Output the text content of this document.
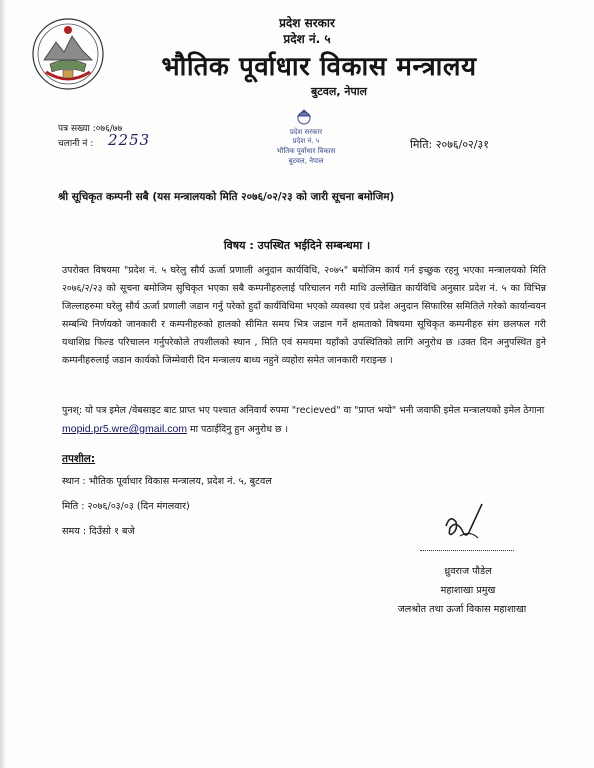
प्रदेश सरकार
प्रदेश नं. ५
भौतिक पूर्वाधार विकास मन्त्रालय
बुटवल, नेपाल
प्रदेश सरकार
प्रदेश नं. ५
भौतिक पूर्वाधार विकास
बुटवल, नेपाल
पत्र सख्या :०७६/७७
चलानी नं : 2253	मिति: २०७६/०२/३१
श्री सूचिकृत कम्पनी सबै (यस मन्त्रालयको मिति २०७६/०२/२३ को जारी सूचना बमोजिम)
विषय : उपस्थित भईदिने सम्बन्धमा ।
उपरोक्त विषयमा "प्रदेश नं. ५ घरेलु सौर्य ऊर्जा प्रणाली अनुदान कार्यविधि, २०७५" बमोजिम कार्य गर्न इच्छुक रहनु भएका मन्त्रालयको मिति २०७६/२/२३ को सूचना बमोजिम सुचिकृत भएका सबै कम्पनीहरुलाई परिचालन गरी माथि उल्लेखित कार्यविधि अनुसार प्रदेश नं. ५ का विभिन्न जिल्लाहरुमा घरेलु सौर्य ऊर्जा प्रणाली जडान गर्नु परेको हुदाँ कार्यविधिमा भएको व्यवस्था एवं प्रदेश अनुदान सिफारिस समितिले गरेको कार्यान्वयन सम्बन्धि निर्णयको जानकारी र कम्पनीहरुको हालको सीमित समय भित्र जडान गर्ने क्षमताको विषयमा सूचिकृत कम्पनीहरु संग छलफल गरी यथाशिघ्र फिल्ड परिचालन गर्नुपरेकोले तपशीलको स्थान , मिति एवं समयमा यहाँको उपस्थितिको लागि अनुरोध छ ।उक्त दिन अनुपस्थित हुने कम्पनीहरुलाई जडान कार्यको जिम्मेवारी दिन मन्त्रालय बाध्य नहुने व्यहोरा समेत जानकारी गराइन्छ ।
पुनश्: यो पत्र इमेल /वेबसाइट बाट प्राप्त भए पश्चात अनिवार्य रुपमा "recieved" वा "प्राप्त भयो" भनी जवाफी इमेल मन्त्रालयको इमेल ठेगाना mopid.pr5.wre@gmail.com मा पठाईदिनु हुन अनुरोध छ ।
तपशील:
स्थान : भौतिक पूर्वाधार विकास मन्त्रालय, प्रदेश नं. ५, बुटवल
मिति : २०७६/०३/०३ (दिन मंगलवार)
समय : दिउँसो १ बजे
ध्रुवराज पौडेल
महाशाखा प्रमुख
जलश्रोत तथा ऊर्जा विकास महाशाखा
